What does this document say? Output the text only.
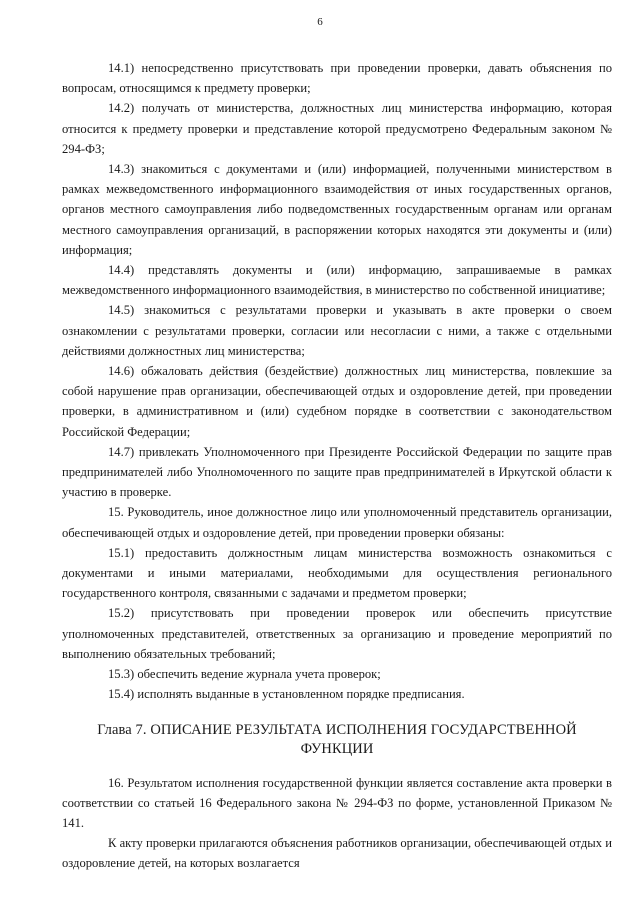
6

14.1) непосредственно присутствовать при проведении проверки, давать объяснения по вопросам, относящимся к предмету проверки;

14.2) получать от министерства, должностных лиц министерства информацию, которая относится к предмету проверки и представление которой предусмотрено Федеральным законом № 294-ФЗ;

14.3) знакомиться с документами и (или) информацией, полученными министерством в рамках межведомственного информационного взаимодействия от иных государственных органов, органов местного самоуправления либо подведомственных государственным органам или органам местного самоуправления организаций, в распоряжении которых находятся эти документы и (или) информация;

14.4) представлять документы и (или) информацию, запрашиваемые в рамках межведомственного информационного взаимодействия, в министерство по собственной инициативе;

14.5) знакомиться с результатами проверки и указывать в акте проверки о своем ознакомлении с результатами проверки, согласии или несогласии с ними, а также с отдельными действиями должностных лиц министерства;

14.6) обжаловать действия (бездействие) должностных лиц министерства, повлекшие за собой нарушение прав организации, обеспечивающей отдых и оздоровление детей, при проведении проверки, в административном и (или) судебном порядке в соответствии с законодательством Российской Федерации;

14.7) привлекать Уполномоченного при Президенте Российской Федерации по защите прав предпринимателей либо Уполномоченного по защите прав предпринимателей в Иркутской области к участию в проверке.

15. Руководитель, иное должностное лицо или уполномоченный представитель организации, обеспечивающей отдых и оздоровление детей, при проведении проверки обязаны:

15.1) предоставить должностным лицам министерства возможность ознакомиться с документами и иными материалами, необходимыми для осуществления регионального государственного контроля, связанными с задачами и предметом проверки;

15.2) присутствовать при проведении проверок или обеспечить присутствие уполномоченных представителей, ответственных за организацию и проведение мероприятий по выполнению обязательных требований;

15.3) обеспечить ведение журнала учета проверок;

15.4) исполнять выданные в установленном порядке предписания.

Глава 7. ОПИСАНИЕ РЕЗУЛЬТАТА ИСПОЛНЕНИЯ ГОСУДАРСТВЕННОЙ
ФУНКЦИИ

16. Результатом исполнения государственной функции является составление акта проверки в соответствии со статьей 16 Федерального закона № 294-ФЗ по форме, установленной Приказом № 141.

К акту проверки прилагаются объяснения работников организации, обеспечивающей отдых и оздоровление детей, на которых возлагается
